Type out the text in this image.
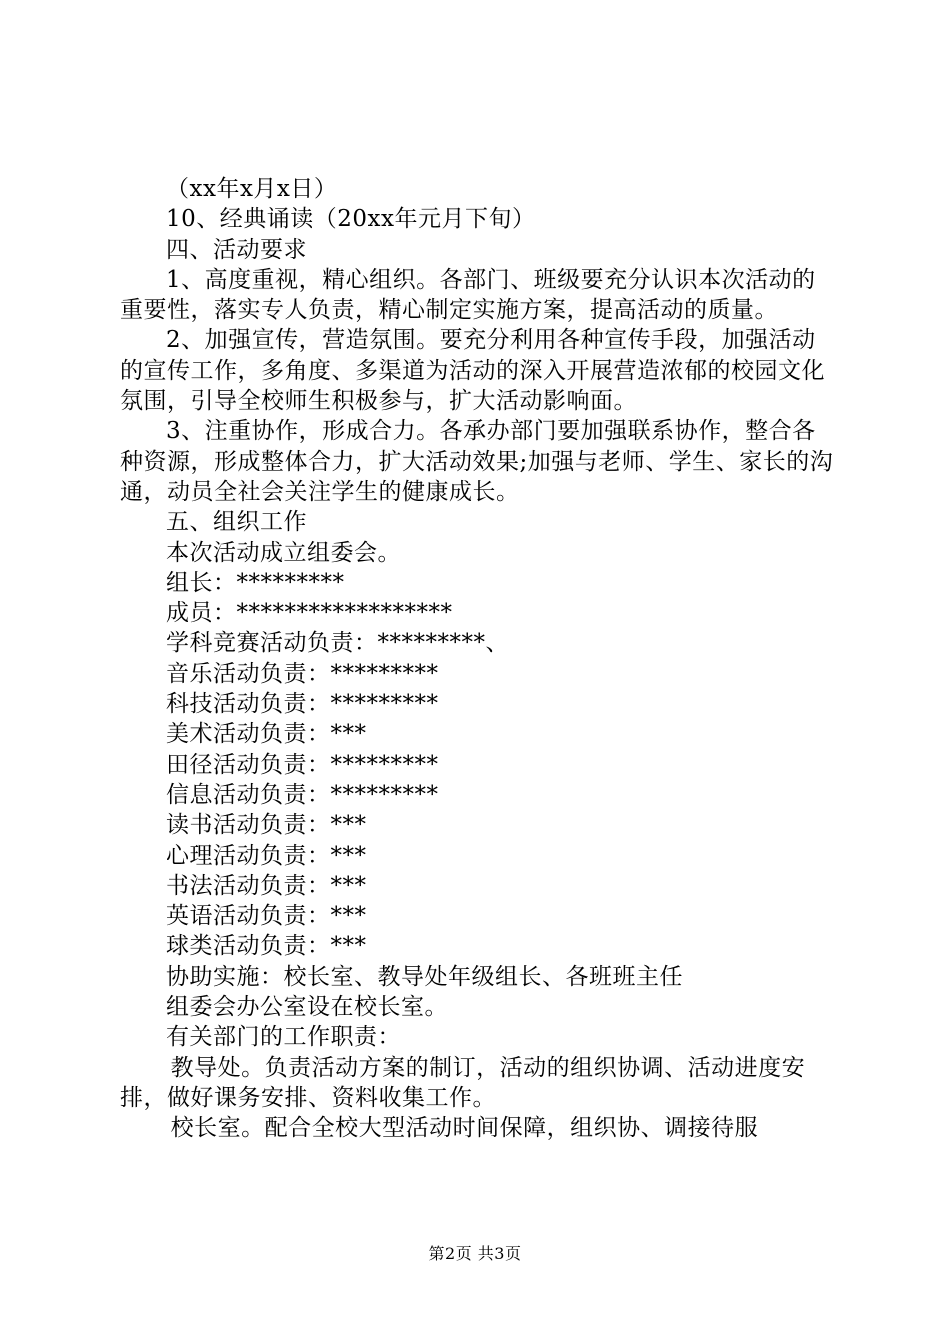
（xx年x月x日）

10、经典诵读（20xx年元月下旬）

四、活动要求

1、高度重视，精心组织。各部门、班级要充分认识本次活动的重要性，落实专人负责，精心制定实施方案，提高活动的质量。

2、加强宣传，营造氛围。要充分利用各种宣传手段，加强活动的宣传工作，多角度、多渠道为活动的深入开展营造浓郁的校园文化氛围，引导全校师生积极参与，扩大活动影响面。

3、注重协作，形成合力。各承办部门要加强联系协作，整合各种资源，形成整体合力，扩大活动效果;加强与老师、学生、家长的沟通，动员全社会关注学生的健康成长。

五、组织工作

本次活动成立组委会。

组长：*********

成员：******************

学科竞赛活动负责：*********、

音乐活动负责：*********

科技活动负责：*********

美术活动负责：***

田径活动负责：*********

信息活动负责：*********

读书活动负责：***

心理活动负责：***

书法活动负责：***

英语活动负责：***

球类活动负责：***

协助实施：校长室、教导处年级组长、各班班主任

组委会办公室设在校长室。

有关部门的工作职责：

教导处。负责活动方案的制订，活动的组织协调、活动进度安排，做好课务安排、资料收集工作。

校长室。配合全校大型活动时间保障，组织协、调接待服

第2页 共3页
